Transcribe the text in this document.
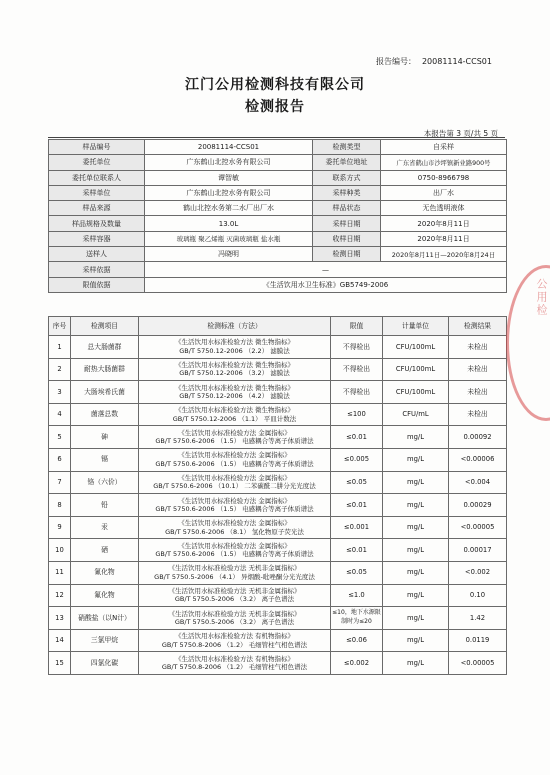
报告编号： 20081114-CCS01
江门公用检测科技有限公司
检测报告
本报告第 3 页/共 5 页
样品编号	20081114-CCS01	检测类型	自采样
委托单位	广东鹤山北控水务有限公司	委托单位地址	广东省鹤山市沙坪镇新业路900号
委托单位联系人	谭智敏	联系方式	0750-8966798
采样单位	广东鹤山北控水务有限公司	采样种类	出厂水
样品来源	鹤山北控水务第二水厂出厂水	样品状态	无色透明液体
样品规格及数量	13.0L	采样日期	2020年8月11日
采样容器	玻璃瓶 聚乙烯瓶 灭菌玻璃瓶 盐水瓶	收样日期	2020年8月11日
送样人	冯晓明	检测日期	2020年8月11日—2020年8月24日
采样依据	—		
限值依据	《生活饮用水卫生标准》GB5749-2006		
序号	检测项目	检测标准（方法）	限值	计量单位	检测结果
1	总大肠菌群	《生活饮用水标准检验方法 微生物指标》
GB/T 5750.12-2006 （2.2） 滤膜法	不得检出	CFU/100mL	未检出
2	耐热大肠菌群	《生活饮用水标准检验方法 微生物指标》
GB/T 5750.12-2006 （3.2） 滤膜法	不得检出	CFU/100mL	未检出
3	大肠埃希氏菌	《生活饮用水标准检验方法 微生物指标》
GB/T 5750.12-2006 （4.2） 滤膜法	不得检出	CFU/100mL	未检出
4	菌落总数	《生活饮用水标准检验方法 微生物指标》
GB/T 5750.12-2006 （1.1） 平皿计数法	≤100	CFU/mL	未检出
5	砷	《生活饮用水标准检验方法 金属指标》
GB/T 5750.6-2006 （1.5） 电感耦合等离子体质谱法	≤0.01	mg/L	0.00092
6	镉	《生活饮用水标准检验方法 金属指标》
GB/T 5750.6-2006 （1.5） 电感耦合等离子体质谱法	≤0.005	mg/L	<0.00006
7	铬（六价）	《生活饮用水标准检验方法 金属指标》
GB/T 5750.6-2006 （10.1） 二苯碳酰二肼分光光度法	≤0.05	mg/L	<0.004
8	铅	《生活饮用水标准检验方法 金属指标》
GB/T 5750.6-2006 （1.5） 电感耦合等离子体质谱法	≤0.01	mg/L	0.00029
9	汞	《生活饮用水标准检验方法 金属指标》
GB/T 5750.6-2006 （8.1） 氢化物原子荧光法	≤0.001	mg/L	<0.00005
10	硒	《生活饮用水标准检验方法 金属指标》
GB/T 5750.6-2006 （1.5） 电感耦合等离子体质谱法	≤0.01	mg/L	0.00017
11	氰化物	《生活饮用水标准检验方法 无机非金属指标》
GB/T 5750.5-2006 （4.1） 异烟酸-吡唑酮分光光度法	≤0.05	mg/L	<0.002
12	氟化物	《生活饮用水标准检验方法 无机非金属指标》
GB/T 5750.5-2006 （3.2） 离子色谱法	≤1.0	mg/L	0.10
13	硝酸盐（以N计）	《生活饮用水标准检验方法 无机非金属指标》
GB/T 5750.5-2006 （3.2） 离子色谱法	≤10，地下水源限制时为≤20	mg/L	1.42
14	三氯甲烷	《生活饮用水标准检验方法 有机物指标》
GB/T 5750.8-2006 （1.2） 毛细管柱气相色谱法	≤0.06	mg/L	0.0119
15	四氯化碳	《生活饮用水标准检验方法 有机物指标》
GB/T 5750.8-2006 （1.2） 毛细管柱气相色谱法	≤0.002	mg/L	<0.00005
公用检
